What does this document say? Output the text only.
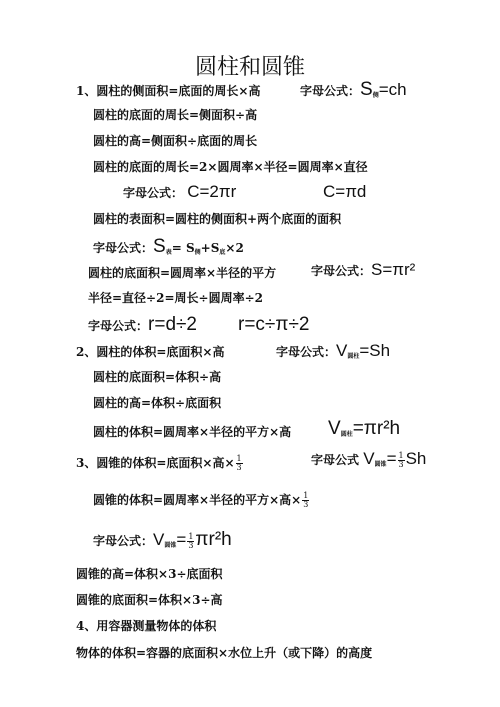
圆柱和圆锥
1、圆柱的侧面积=底面的周长×高	字母公式：$S_侧=ch$
圆柱的底面的周长=侧面积÷高
圆柱的高=侧面积÷底面的周长
圆柱的底面的周长=2×圆周率×半径=圆周率×直径
字母公式： C=2πr	C=πd
圆柱的表面积=圆柱的侧面积+两个底面的面积
字母公式：$S_表= S_侧+S_底\times 2$
圆柱的底面积=圆周率×半径的平方	字母公式：S=πr²
半径=直径÷2=周长÷圆周率÷2
字母公式：r=d÷2 r=c÷π÷2
2、圆柱的体积=底面积×高	字母公式：$V_{圆柱}=Sh$
圆柱的底面积=体积÷高
圆柱的高=体积÷底面积
圆柱的体积=圆周率×半径的平方×高 $V_{圆柱}=\pi r^2h$
3、圆锥的体积=底面积×高× $\frac{1}{3}$	字母公式 $V_{圆锥}= \frac{1}{3}$ Sh
圆锥的体积=圆周率×半径的平方×高× $\frac{1}{3}$
字母公式：$V_{圆锥}= \frac{1}{3} \pi r^2h$
圆锥的高=体积×3÷底面积
圆锥的底面积=体积×3÷高
4、用容器测量物体的体积
物体的体积=容器的底面积×水位上升（或下降）的高度
